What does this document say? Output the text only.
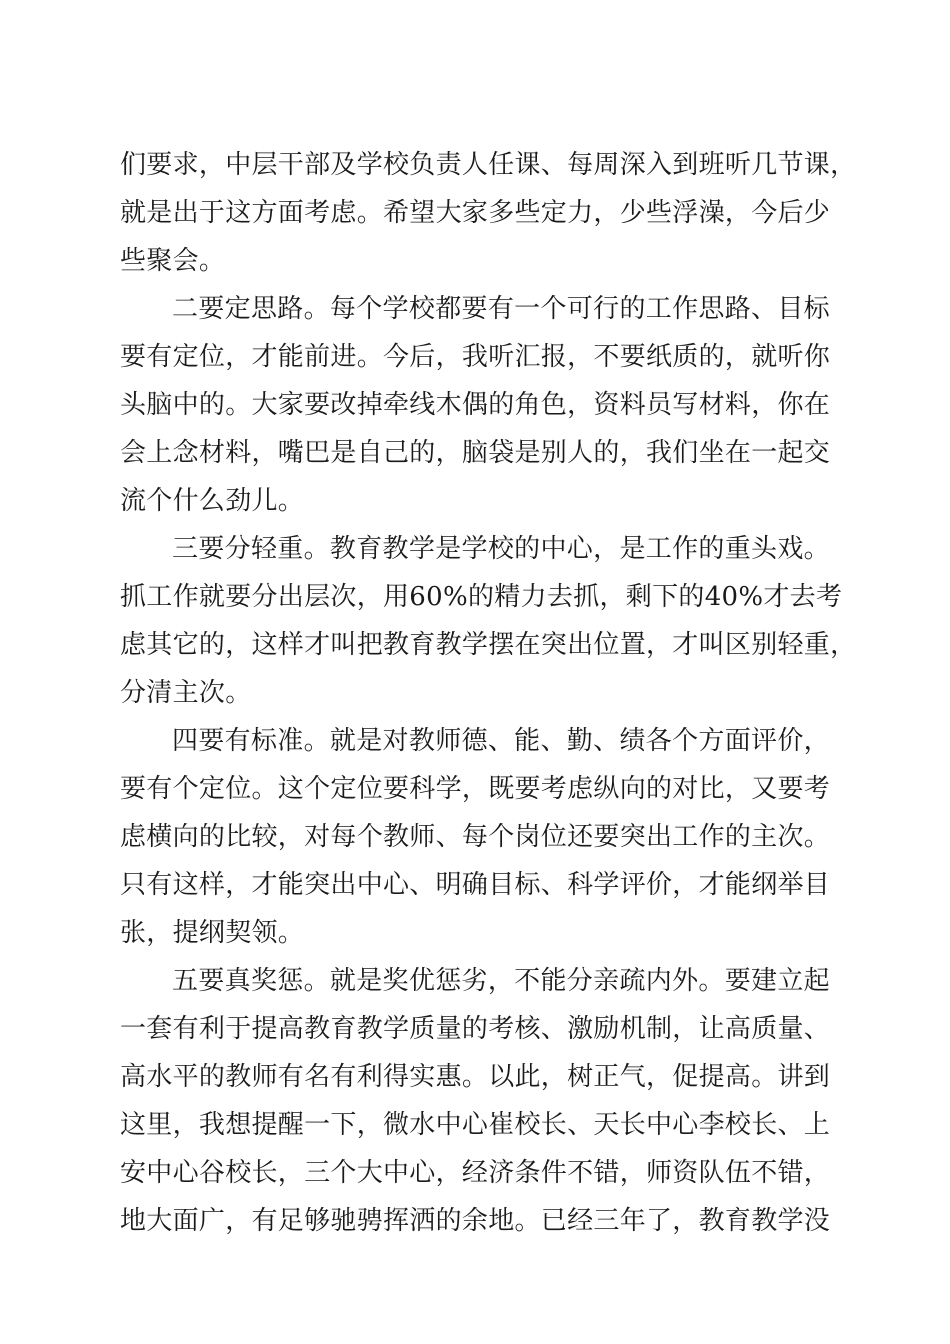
们要求，中层干部及学校负责人任课、每周深入到班听几节课，
就是出于这方面考虑。希望大家多些定力，少些浮澡，今后少
些聚会。
二要定思路。每个学校都要有一个可行的工作思路、目标
要有定位，才能前进。今后，我听汇报，不要纸质的，就听你
头脑中的。大家要改掉牵线木偶的角色，资料员写材料，你在
会上念材料，嘴巴是自己的，脑袋是别人的，我们坐在一起交
流个什么劲儿。
三要分轻重。教育教学是学校的中心，是工作的重头戏。
抓工作就要分出层次，用60%的精力去抓，剩下的40%才去考
虑其它的，这样才叫把教育教学摆在突出位置，才叫区别轻重，
分清主次。
四要有标准。就是对教师德、能、勤、绩各个方面评价，
要有个定位。这个定位要科学，既要考虑纵向的对比，又要考
虑横向的比较，对每个教师、每个岗位还要突出工作的主次。
只有这样，才能突出中心、明确目标、科学评价，才能纲举目
张，提纲契领。
五要真奖惩。就是奖优惩劣，不能分亲疏内外。要建立起
一套有利于提高教育教学质量的考核、激励机制，让高质量、
高水平的教师有名有利得实惠。以此，树正气，促提高。讲到
这里，我想提醒一下，微水中心崔校长、天长中心李校长、上
安中心谷校长，三个大中心，经济条件不错，师资队伍不错，
地大面广，有足够驰骋挥洒的余地。已经三年了，教育教学没
